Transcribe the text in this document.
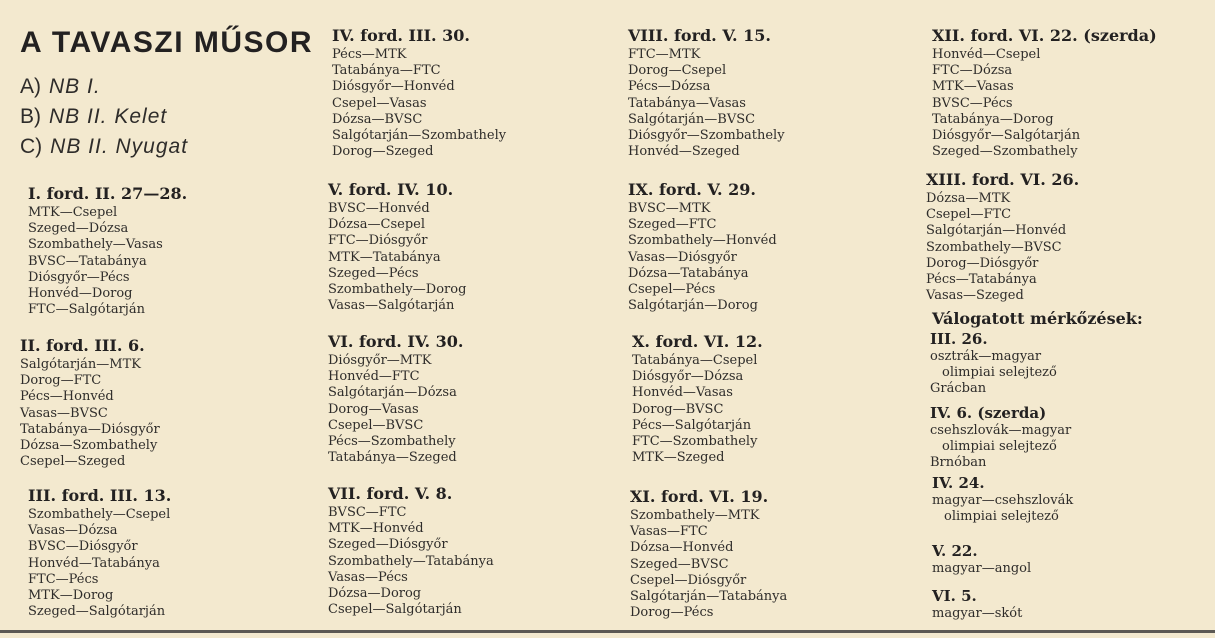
A TAVASZI MŰSOR
A) NB I.
B) NB II. Kelet
C) NB II. Nyugat
I. ford. II. 27—28.
MTK—Csepel
Szeged—Dózsa
Szombathely—Vasas
BVSC—Tatabánya
Diósgyőr—Pécs
Honvéd—Dorog
FTC—Salgótarján
II. ford. III. 6.
Salgótarján—MTK
Dorog—FTC
Pécs—Honvéd
Vasas—BVSC
Tatabánya—Diósgyőr
Dózsa—Szombathely
Csepel—Szeged
III. ford. III. 13.
Szombathely—Csepel
Vasas—Dózsa
BVSC—Diósgyőr
Honvéd—Tatabánya
FTC—Pécs
MTK—Dorog
Szeged—Salgótarján
IV. ford. III. 30.
Pécs—MTK
Tatabánya—FTC
Diósgyőr—Honvéd
Csepel—Vasas
Dózsa—BVSC
Salgótarján—Szombathely
Dorog—Szeged
V. ford. IV. 10.
BVSC—Honvéd
Dózsa—Csepel
FTC—Diósgyőr
MTK—Tatabánya
Szeged—Pécs
Szombathely—Dorog
Vasas—Salgótarján
VI. ford. IV. 30.
Diósgyőr—MTK
Honvéd—FTC
Salgótarján—Dózsa
Dorog—Vasas
Csepel—BVSC
Pécs—Szombathely
Tatabánya—Szeged
VII. ford. V. 8.
BVSC—FTC
MTK—Honvéd
Szeged—Diósgyőr
Szombathely—Tatabánya
Vasas—Pécs
Dózsa—Dorog
Csepel—Salgótarján
VIII. ford. V. 15.
FTC—MTK
Dorog—Csepel
Pécs—Dózsa
Tatabánya—Vasas
Salgótarján—BVSC
Diósgyőr—Szombathely
Honvéd—Szeged
IX. ford. V. 29.
BVSC—MTK
Szeged—FTC
Szombathely—Honvéd
Vasas—Diósgyőr
Dózsa—Tatabánya
Csepel—Pécs
Salgótarján—Dorog
X. ford. VI. 12.
Tatabánya—Csepel
Diósgyőr—Dózsa
Honvéd—Vasas
Dorog—BVSC
Pécs—Salgótarján
FTC—Szombathely
MTK—Szeged
XI. ford. VI. 19.
Szombathely—MTK
Vasas—FTC
Dózsa—Honvéd
Szeged—BVSC
Csepel—Diósgyőr
Salgótarján—Tatabánya
Dorog—Pécs
XII. ford. VI. 22. (szerda)
Honvéd—Csepel
FTC—Dózsa
MTK—Vasas
BVSC—Pécs
Tatabánya—Dorog
Diósgyőr—Salgótarján
Szeged—Szombathely
XIII. ford. VI. 26.
Dózsa—MTK
Csepel—FTC
Salgótarján—Honvéd
Szombathely—BVSC
Dorog—Diósgyőr
Pécs—Tatabánya
Vasas—Szeged
Válogatott mérkőzések:
III. 26.
osztrák—magyar
olimpiai selejtező
Grácban
IV. 6. (szerda)
csehszlovák—magyar
olimpiai selejtező
Brnóban
IV. 24.
magyar—csehszlovák
olimpiai selejtező
V. 22.
magyar—angol
VI. 5.
magyar—skót
